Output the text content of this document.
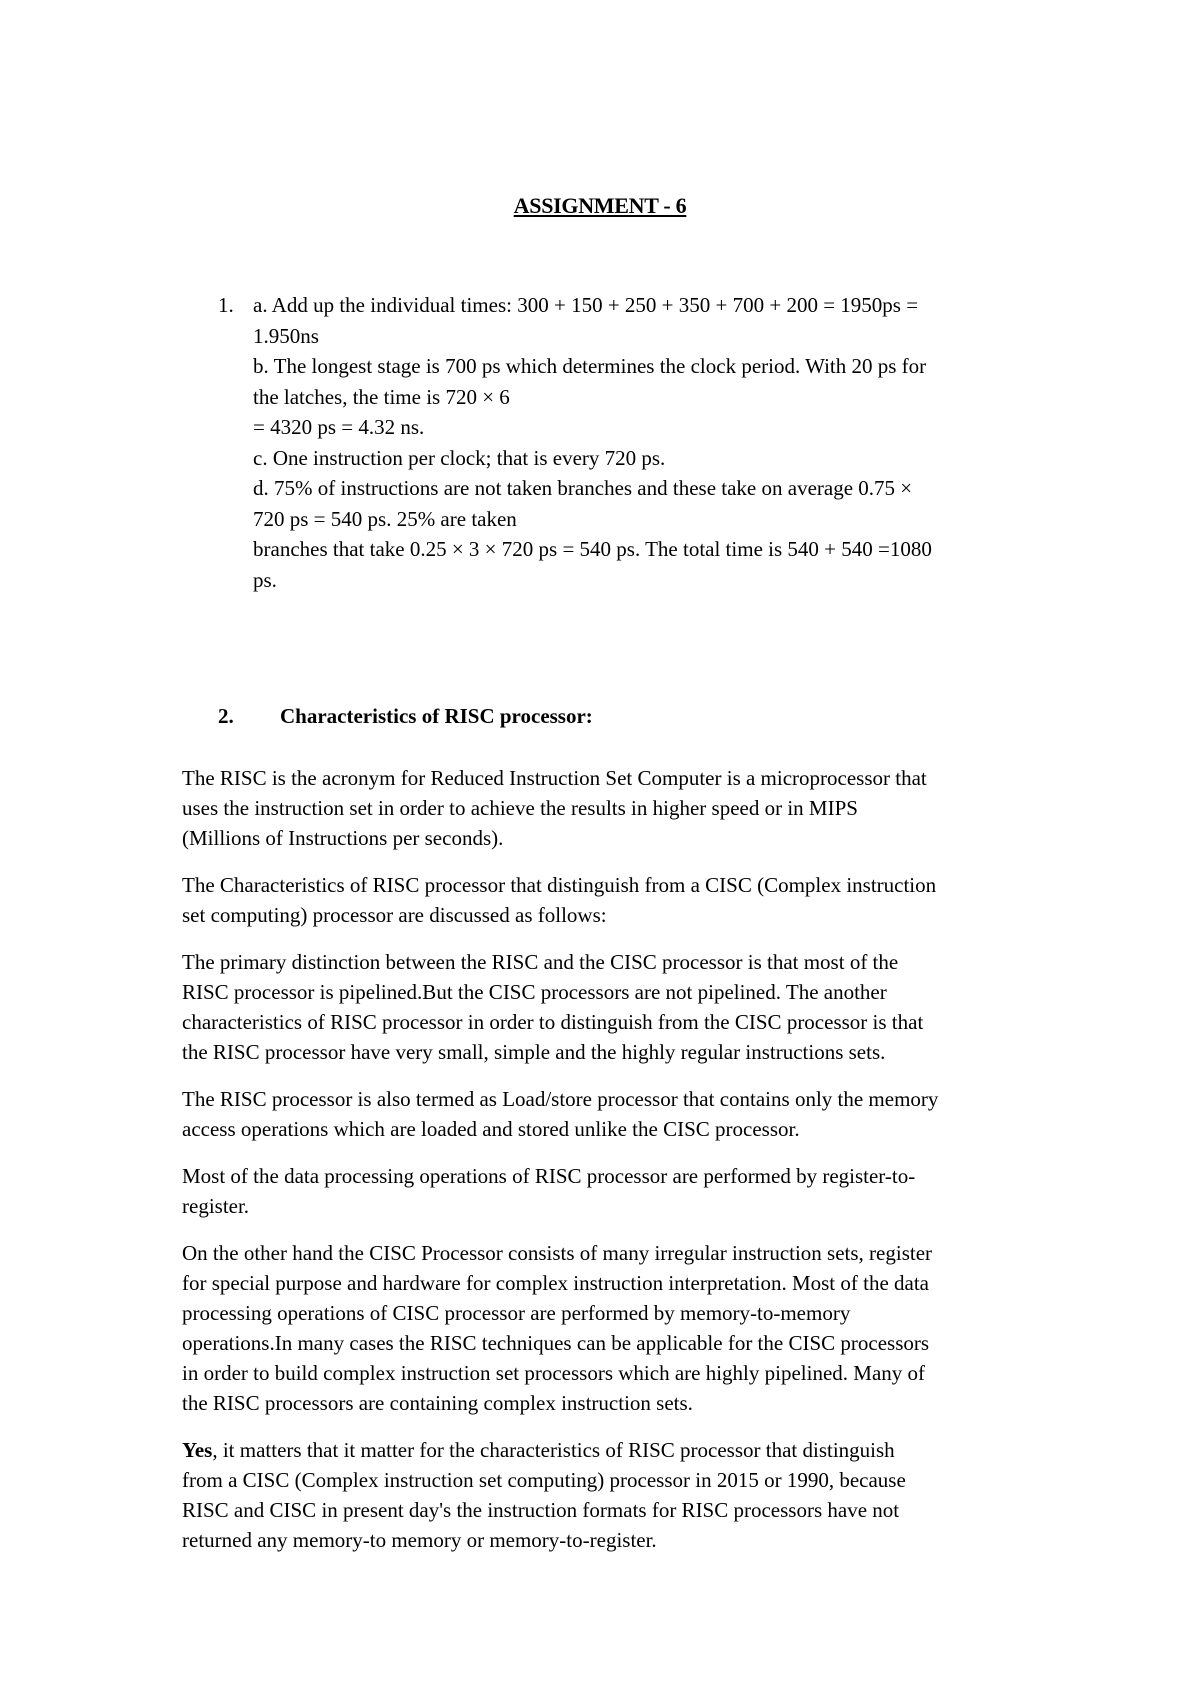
ASSIGNMENT - 6
1. a. Add up the individual times: 300 + 150 + 250 + 350 + 700 + 200 = 1950ps =
1.950ns
b. The longest stage is 700 ps which determines the clock period. With 20 ps for
the latches, the time is 720 × 6
= 4320 ps = 4.32 ns.
c. One instruction per clock; that is every 720 ps.
d. 75% of instructions are not taken branches and these take on average 0.75 ×
720 ps = 540 ps. 25% are taken
branches that take 0.25 × 3 × 720 ps = 540 ps. The total time is 540 + 540 =1080
ps.
2. Characteristics of RISC processor:

The RISC is the acronym for Reduced Instruction Set Computer is a microprocessor that
uses the instruction set in order to achieve the results in higher speed or in MIPS
(Millions of Instructions per seconds).

The Characteristics of RISC processor that distinguish from a CISC (Complex instruction
set computing) processor are discussed as follows:

The primary distinction between the RISC and the CISC processor is that most of the
RISC processor is pipelined.But the CISC processors are not pipelined. The another
characteristics of RISC processor in order to distinguish from the CISC processor is that
the RISC processor have very small, simple and the highly regular instructions sets.

The RISC processor is also termed as Load/store processor that contains only the memory
access operations which are loaded and stored unlike the CISC processor.

Most of the data processing operations of RISC processor are performed by register-to-
register.

On the other hand the CISC Processor consists of many irregular instruction sets, register
for special purpose and hardware for complex instruction interpretation. Most of the data
processing operations of CISC processor are performed by memory-to-memory
operations.In many cases the RISC techniques can be applicable for the CISC processors
in order to build complex instruction set processors which are highly pipelined. Many of
the RISC processors are containing complex instruction sets.

Yes, it matters that it matter for the characteristics of RISC processor that distinguish
from a CISC (Complex instruction set computing) processor in 2015 or 1990, because
RISC and CISC in present day's the instruction formats for RISC processors have not
returned any memory-to memory or memory-to-register.
